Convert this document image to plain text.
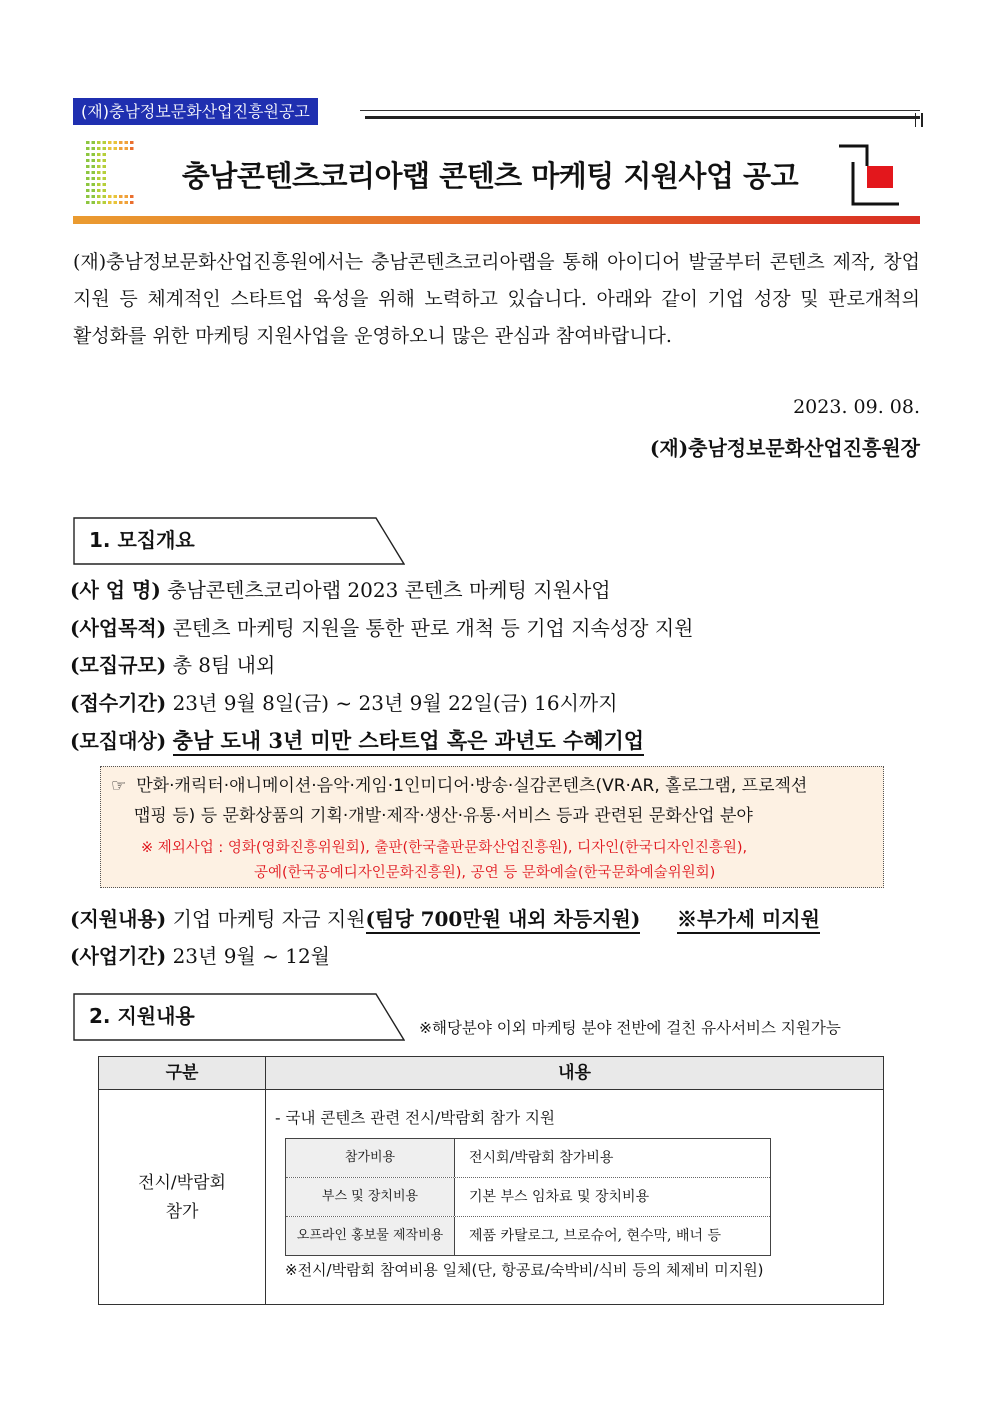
(재)충남정보문화산업진흥원공고
충남콘텐츠코리아랩 콘텐츠 마케팅 지원사업 공고
(재)충남정보문화산업진흥원에서는 충남콘텐츠코리아랩을 통해 아이디어 발굴부터 콘텐츠 제작, 창업 지원 등 체계적인 스타트업 육성을 위해 노력하고 있습니다. 아래와 같이 기업 성장 및 판로개척의 활성화를 위한 마케팅 지원사업을 운영하오니 많은 관심과 참여바랍니다.
2023. 09. 08.
(재)충남정보문화산업진흥원장
1. 모집개요
(사 업 명) 충남콘텐츠코리아랩 2023 콘텐츠 마케팅 지원사업
(사업목적) 콘텐츠 마케팅 지원을 통한 판로 개척 등 기업 지속성장 지원
(모집규모) 총 8팀 내외
(접수기간) 23년 9월 8일(금) ~ 23년 9월 22일(금) 16시까지
(모집대상) 충남 도내 3년 미만 스타트업 혹은 과년도 수혜기업
☞ 만화·캐릭터·애니메이션·음악·게임·1인미디어·방송·실감콘텐츠(VR·AR, 홀로그램, 프로젝션
맵핑 등) 등 문화상품의 기획·개발·제작·생산·유통·서비스 등과 관련된 문화산업 분야
※ 제외사업 : 영화(영화진흥위원회), 출판(한국출판문화산업진흥원), 디자인(한국디자인진흥원),
공예(한국공예디자인문화진흥원), 공연 등 문화예술(한국문화예술위원회)
(지원내용) 기업 마케팅 자금 지원(팀당 700만원 내외 차등지원) ※부가세 미지원
(사업기간) 23년 9월 ~ 12월
2. 지원내용	※해당분야 이외 마케팅 분야 전반에 걸친 유사서비스 지원가능
구분	내용
전시/박람회
참가
- 국내 콘텐츠 관련 전시/박람회 참가 지원
참가비용	전시회/박람회 참가비용
부스 및 장치비용	기본 부스 임차료 및 장치비용
오프라인 홍보물 제작비용	제품 카탈로그, 브로슈어, 현수막, 배너 등
※전시/박람회 참여비용 일체(단, 항공료/숙박비/식비 등의 체제비 미지원)
